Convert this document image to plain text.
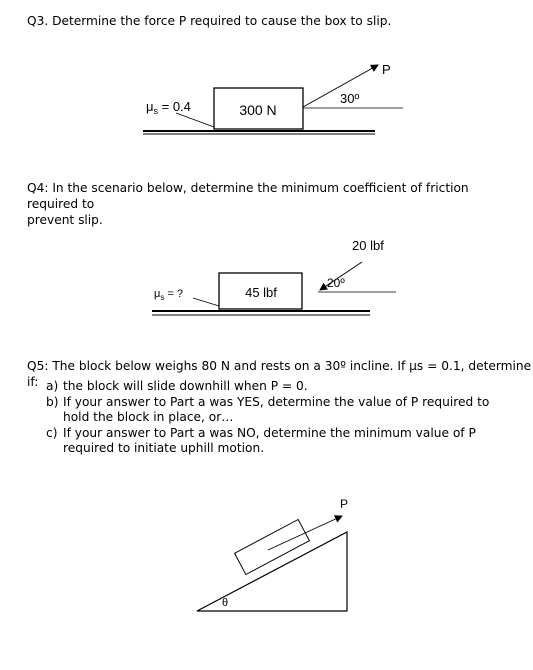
Q3. Determine the force P required to cause the box to slip.

Q4: In the scenario below, determine the minimum coefficient of friction required to
prevent slip.

Q5: The block below weighs 80 N and rests on a 30º incline. If μs = 0.1, determine if: a) the block will slide downhill when P = 0.
b) If your answer to Part a was YES, determine the value of P required to hold the block in place, or…
c) If your answer to Part a was NO, determine the minimum value of P required to initiate uphill motion.
300 N
$\mu_s = 0.4$
30º
P
45 lbf
$\mu_s$ = ?
20º
20 lbf
P
θ
